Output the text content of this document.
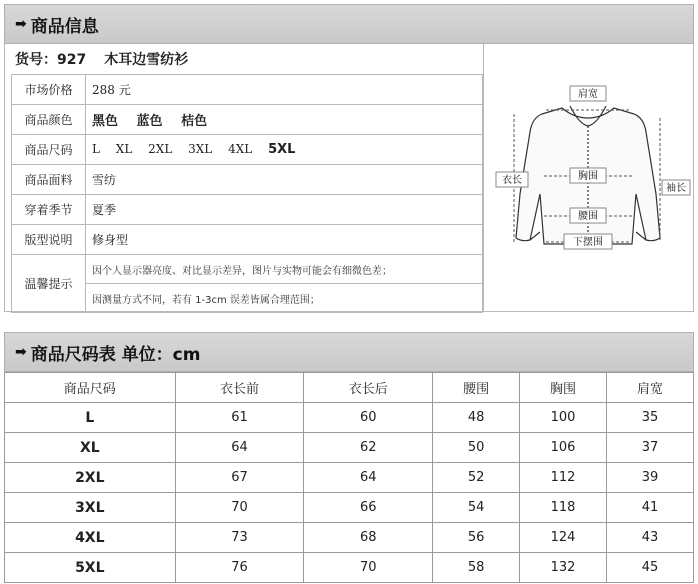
➡ 商品信息
货号：927 木耳边雪纺衫
市场价格	288 元
商品颜色	黑色 蓝色 桔色
商品尺码	L XL 2XL 3XL 4XL 5XL
商品面料	雪纺
穿着季节	夏季
版型说明	修身型
温馨提示	因个人显示器亮度、对比显示差异，图片与实物可能会有细微色差；
	因测量方式不同，若有 1-3cm 误差皆属合理范围；
肩宽
衣长	胸围
袖长
腰围
下摆围
➡ 商品尺码表 单位：cm
商品尺码	衣长前	衣长后	腰围	胸围	肩宽
L	61	60	48	100	35
XL	64	62	50	106	37
2XL	67	64	52	112	39
3XL	70	66	54	118	41
4XL	73	68	56	124	43
5XL	76	70	58	132	45
